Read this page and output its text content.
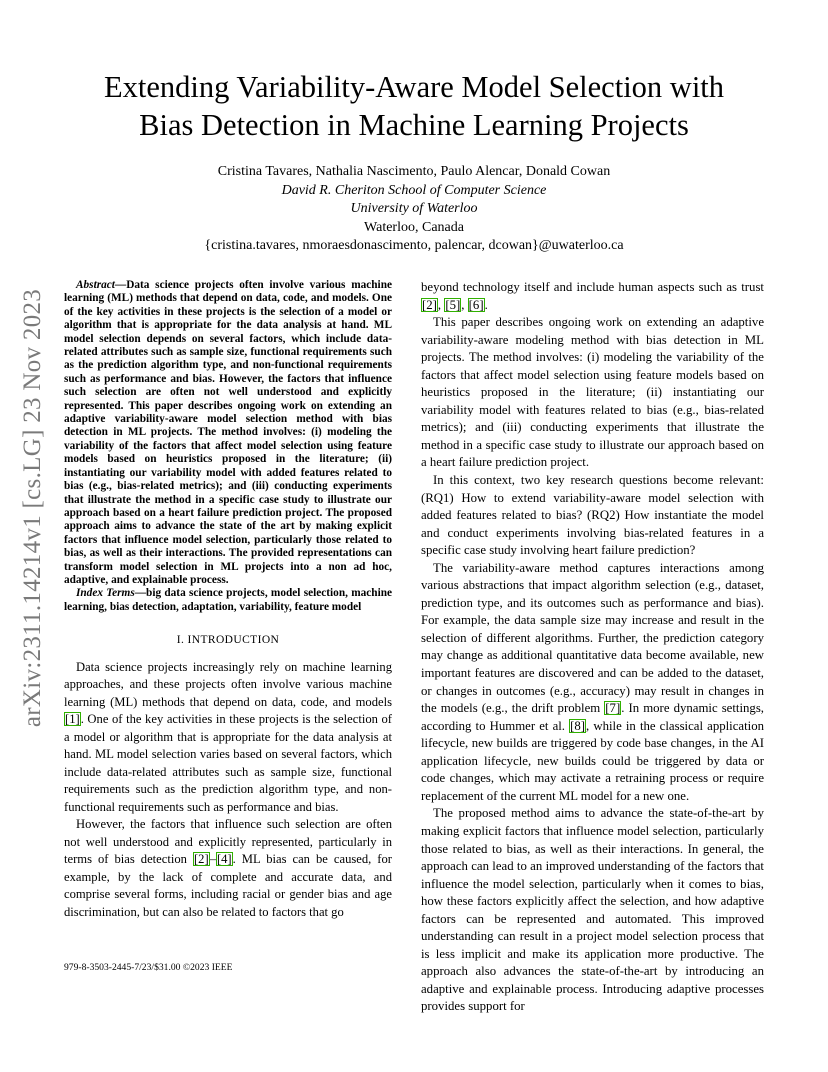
arXiv:2311.14214v1 [cs.LG] 23 Nov 2023
Extending Variability-Aware Model Selection with
Bias Detection in Machine Learning Projects
Cristina Tavares, Nathalia Nascimento, Paulo Alencar, Donald Cowan
David R. Cheriton School of Computer Science
University of Waterloo
Waterloo, Canada
{cristina.tavares, nmoraesdonascimento, palencar, dcowan}@uwaterloo.ca

Abstract—Data science projects often involve various machine learning (ML) methods that depend on data, code, and models. One of the key activities in these projects is the selection of a model or algorithm that is appropriate for the data analysis at hand. ML model selection depends on several factors, which include data-related attributes such as sample size, functional requirements such as the prediction algorithm type, and non-functional requirements such as performance and bias. However, the factors that influence such selection are often not well understood and explicitly represented. This paper describes ongoing work on extending an adaptive variability-aware model selection method with bias detection in ML projects. The method involves: (i) modeling the variability of the factors that affect model selection using feature models based on heuristics proposed in the literature; (ii) instantiating our variability model with added features related to bias (e.g., bias-related metrics); and (iii) conducting experiments that illustrate the method in a specific case study to illustrate our approach based on a heart failure prediction project. The proposed approach aims to advance the state of the art by making explicit factors that influence model selection, particularly those related to bias, as well as their interactions. The provided representations can transform model selection in ML projects into a non ad hoc, adaptive, and explainable process.

Index Terms—big data science projects, model selection, machine learning, bias detection, adaptation, variability, feature model

I. INTRODUCTION

Data science projects increasingly rely on machine learning approaches, and these projects often involve various machine learning (ML) methods that depend on data, code, and models [1]. One of the key activities in these projects is the selection of a model or algorithm that is appropriate for the data analysis at hand. ML model selection varies based on several factors, which include data-related attributes such as sample size, functional requirements such as the prediction algorithm type, and non-functional requirements such as performance and bias.

However, the factors that influence such selection are often not well understood and explicitly represented, particularly in terms of bias detection [2]–[4]. ML bias can be caused, for example, by the lack of complete and accurate data, and comprise several forms, including racial or gender bias and age discrimination, but can also be related to factors that go

beyond technology itself and include human aspects such as trust [2], [5], [6].

This paper describes ongoing work on extending an adaptive variability-aware modeling method with bias detection in ML projects. The method involves: (i) modeling the variability of the factors that affect model selection using feature models based on heuristics proposed in the literature; (ii) instantiating our variability model with features related to bias (e.g., bias-related metrics); and (iii) conducting experiments that illustrate the method in a specific case study to illustrate our approach based on a heart failure prediction project.

In this context, two key research questions become relevant: (RQ1) How to extend variability-aware model selection with added features related to bias? (RQ2) How instantiate the model and conduct experiments involving bias-related features in a specific case study involving heart failure prediction?

The variability-aware method captures interactions among various abstractions that impact algorithm selection (e.g., dataset, prediction type, and its outcomes such as performance and bias). For example, the data sample size may increase and result in the selection of different algorithms. Further, the prediction category may change as additional quantitative data become available, new important features are discovered and can be added to the dataset, or changes in outcomes (e.g., accuracy) may result in changes in the models (e.g., the drift problem [7]. In more dynamic settings, according to Hummer et al. [8], while in the classical application lifecycle, new builds are triggered by code base changes, in the AI application lifecycle, new builds could be triggered by data or code changes, which may activate a retraining process or require replacement of the current ML model for a new one.

The proposed method aims to advance the state-of-the-art by making explicit factors that influence model selection, particularly those related to bias, as well as their interactions. In general, the approach can lead to an improved understanding of the factors that influence the model selection, particularly when it comes to bias, how these factors explicitly affect the selection, and how adaptive factors can be represented and automated. This improved understanding can result in a project model selection process that is less implicit and make its application more productive. The approach also advances the state-of-the-art by introducing an adaptive and explainable process. Introducing adaptive processes provides support for

979-8-3503-2445-7/23/$31.00 ©2023 IEEE
